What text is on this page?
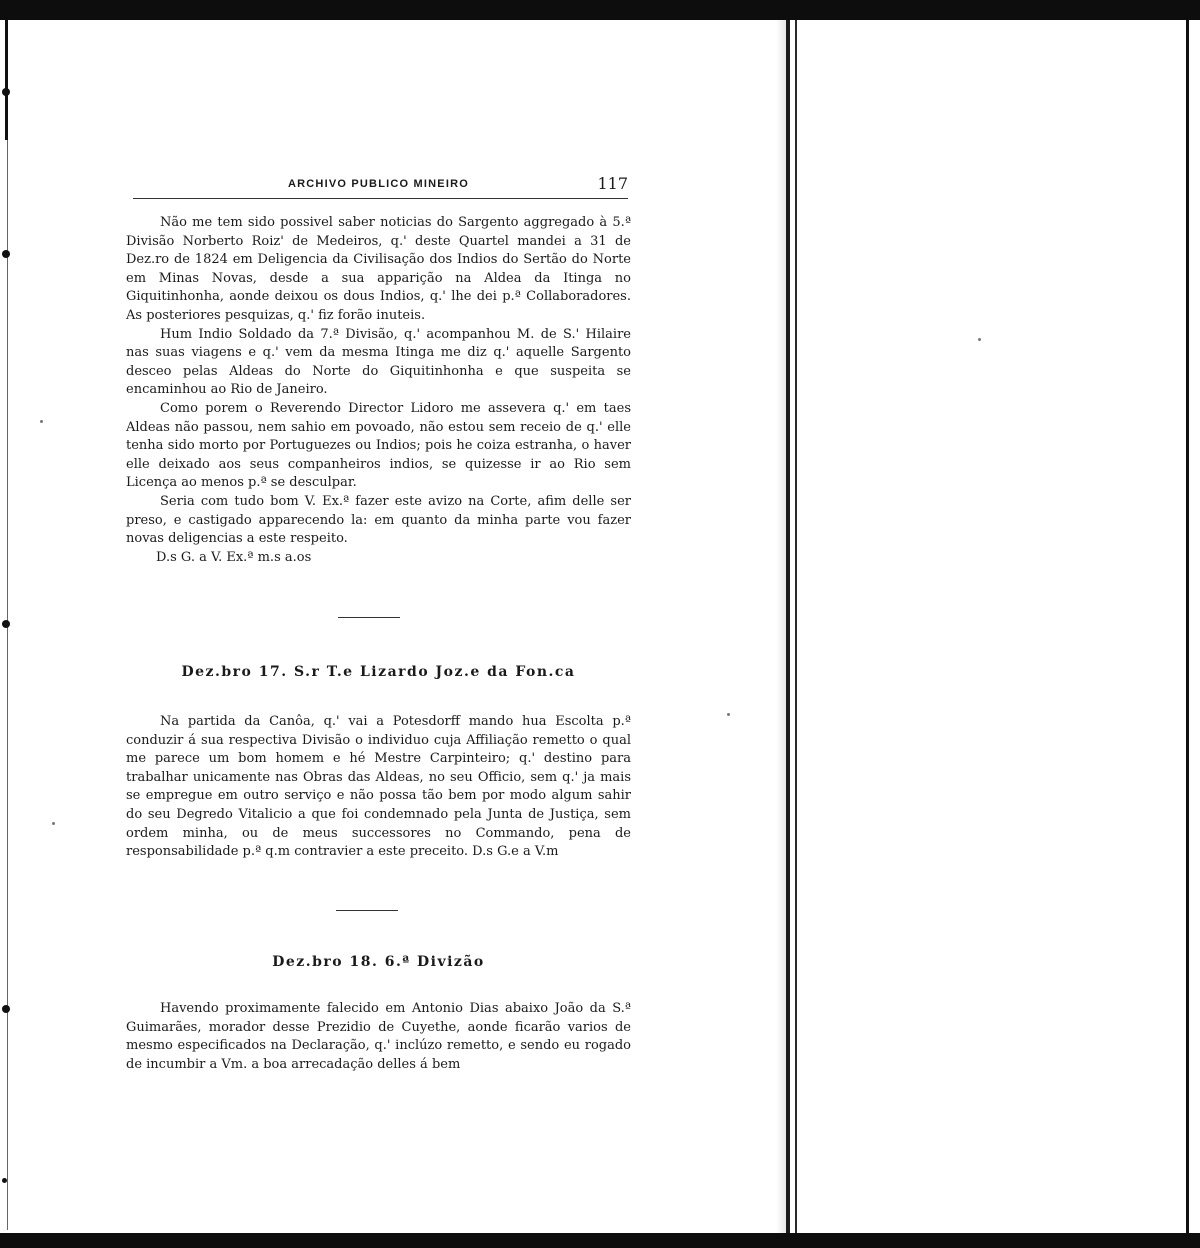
ARCHIVO PUBLICO MINEIRO	117

Não me tem sido possivel saber noticias do Sargento aggregado à 5.ª Divisão Norberto Roiz' de Medeiros, q.' deste Quartel mandei a 31 de Dez.ro de 1824 em Deligencia da Civilisação dos Indios do Sertão do Norte em Minas Novas, desde a sua apparição na Aldea da Itinga no Giquitinhonha, aonde deixou os dous Indios, q.' lhe dei p.ª Collaboradores. As posteriores pesquizas, q.' fiz forão inuteis.

Hum Indio Soldado da 7.ª Divisão, q.' acompanhou M. de S.' Hilaire nas suas viagens e q.' vem da mesma Itinga me diz q.' aquelle Sargento desceo pelas Aldeas do Norte do Giquitinhonha e que suspeita se encaminhou ao Rio de Janeiro.

Como porem o Reverendo Director Lidoro me assevera q.' em taes Aldeas não passou, nem sahio em povoado, não estou sem receio de q.' elle tenha sido morto por Portuguezes ou Indios; pois he coiza estranha, o haver elle deixado aos seus companheiros indios, se quizesse ir ao Rio sem Licença ao menos p.ª se desculpar.

Seria com tudo bom V. Ex.ª fazer este avizo na Corte, afim delle ser preso, e castigado apparecendo la: em quanto da minha parte vou fazer novas deligencias a este respeito.

D.s G. a V. Ex.ª m.s a.os

Dez.bro 17. S.r T.e Lizardo Joz.e da Fon.ca

Na partida da Canôa, q.' vai a Potesdorff mando hua Escolta p.ª conduzir á sua respectiva Divisão o individuo cuja Affiliação remetto o qual me parece um bom homem e hé Mestre Carpinteiro; q.' destino para trabalhar unicamente nas Obras das Aldeas, no seu Officio, sem q.' ja mais se empregue em outro serviço e não possa tão bem por modo algum sahir do seu Degredo Vitalicio a que foi condemnado pela Junta de Justiça, sem ordem minha, ou de meus successores no Commando, pena de responsabilidade p.ª q.m contravier a este preceito. D.s G.e a V.m

Dez.bro 18. 6.ª Divizão

Havendo proximamente falecido em Antonio Dias abaixo João da S.ª Guimarães, morador desse Prezidio de Cuyethe, aonde ficarão varios de mesmo especificados na Declaração, q.' inclúzo remetto, e sendo eu rogado de incumbir a Vm. a boa arrecadação delles á bem
